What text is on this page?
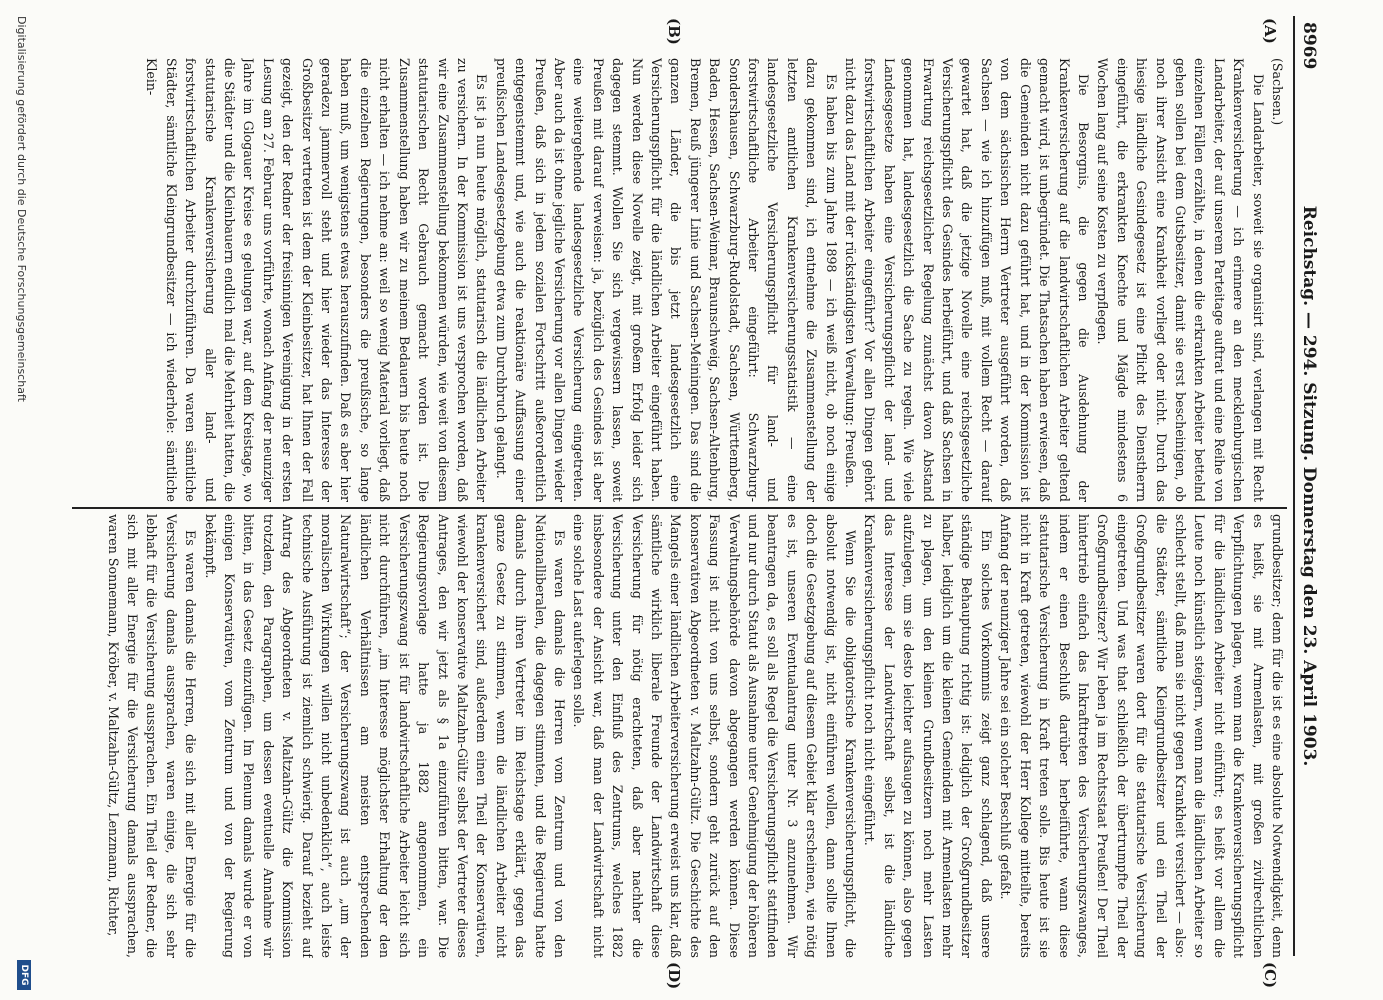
8969
Reichstag. — 294. Sitzung. Donnerstag den 23. April 1903.
(A)
(B)
(C)
(D)

(Sachsen.)

Die Landarbeiter, soweit sie organisirt sind, verlangen mit Recht Krankenversicherung — ich erinnere an den mecklenburgischen Landarbeiter, der auf unserem Parteitage auftrat und eine Reihe von einzelnen Fällen erzählte, in denen die erkrankten Arbeiter bettelnd gehen sollen bei dem Gutsbesitzer, damit sie erst bescheinigen, ob noch ihrer Ansicht eine Krankheit vorliegt oder nicht. Durch das hiesige ländliche Gesindegesetz ist eine Pflicht des Dienstherrn eingeführt, die erkrankten Knechte und Mägde mindestens 6 Wochen lang auf seine Kosten zu verpflegen.

Die Besorgnis, die gegen die Ausdehnung der Krankenversicherung auf die landwirtschaftlichen Arbeiter geltend gemacht wird, ist unbegründet. Die Thatsachen haben erwiesen, daß die Gemeinden nicht dazu geführt hat, und in der Kommission ist von dem sächsischen Herrn Vertreter ausgeführt worden, daß Sachsen — wie ich hinzufügen muß, mit vollem Recht — darauf gewartet hat, daß die jetzige Novelle eine reichsgesetzliche Versicherungspflicht des Gesindes herbeiführt, und daß Sachsen in Erwartung reichsgesetzlicher Regelung zunächst davon Abstand genommen hat, landesgesetzlich die Sache zu regeln. Wie viele Landesgesetze haben eine Versicherungspflicht der land- und forstwirtschaftlichen Arbeiter eingeführt? Vor allen Dingen gehört nicht dazu das Land mit der rückständigsten Verwaltung: Preußen.

Es haben bis zum Jahre 1898 — ich weiß nicht, ob noch einige dazu gekommen sind, ich entnehme die Zusammenstellung der letzten amtlichen Krankenversicherungsstatistik — eine landesgesetzliche Versicherungspflicht für land- und forstwirtschaftliche Arbeiter eingeführt: Schwarzburg-Sondershausen, Schwarzburg-Rudolstadt, Sachsen, Württemberg, Baden, Hessen, Sachsen-Weimar, Braunschweig, Sachsen-Altenburg, Bremen, Reuß jüngerer Linie und Sachsen-Meiningen. Das sind die ganzen Länder, die bis jetzt landesgesetzlich eine Versicherungspflicht für die ländlichen Arbeiter eingeführt haben. Nun werden diese Novelle zeigt, mit großem Erfolg leider sich dagegen stemmt. Wollen Sie sich vergewissern lassen, soweit Preußen mit darauf verweisen: ja, bezüglich des Gesindes ist aber eine weitergehende landesgesetzliche Versicherung eingetreten. Aber auch da ist ohne jegliche Versicherung vor allen Dingen wieder Preußen, daß sich in jedem sozialen Fortschritt außerordentlich entgegenstemmt und, wie auch die reaktionäre Auffassung einer preußischen Landesgesetzgebung etwa zum Durchbruch gelangt.

Es ist ja nun heute möglich, statutarisch die ländlichen Arbeiter zu versichern. In der Kommission ist uns versprochen worden, daß wir eine Zusammenstellung bekommen würden, wie weit von diesem statutarischen Recht Gebrauch gemacht worden ist. Die Zusammenstellung haben wir zu meinem Bedauern bis heute noch nicht erhalten — ich nehme an: weil so wenig Material vorliegt, daß die einzelnen Regierungen, besonders die preußische, so lange haben muß, um wenigstens etwas herauszufinden. Daß es aber hier geradezu jammervoll steht und hier wieder das Interesse der Großbesitzer vertreten ist dem der Kleinbesitzer, hat Ihnen der Fall gezeigt, den der Redner der freisinnigen Vereinigung in der ersten Lesung am 27. Februar uns vorführte, wonach Anfang der neunziger Jahre im Glogauer Kreise es gelungen war, auf dem Kreistage, wo die Städter und die Kleinbauern endlich mal die Mehrheit hatten, die statutarische Krankenversicherung aller land- und forstwirtschaftlichen Arbeiter durchzuführen. Da waren sämtliche Städter, sämtliche Kleingrundbesitzer — ich wiederhole: sämtliche Klein-

grundbesitzer; denn für die ist es eine absolute Notwendigkeit, denn es heißt, sie mit Armenlasten, mit großen zivilrechtlichen Verpflichtungen plagen, wenn man die Krankenversicherungspflicht für die ländlichen Arbeiter nicht einführt; es heißt vor allem die Leute noch künstlich steigern, wenn man die ländlichen Arbeiter so schlecht stellt, daß man sie nicht gegen Krankheit versichert — also: die Städter, sämtliche Kleingrundbesitzer und ein Theil der Großgrundbesitzer waren dort für die statutarische Versicherung eingetreten. Und was that schließlich der übertrumpfte Theil der Großgrundbesitzer? Wir leben ja im Rechtsstaat Preußen! Der Theil hintertrieb einfach das Inkrafttreten des Versicherungszwanges, indem er einen Beschluß darüber herbeiführte, wann diese statutarische Versicherung in Kraft treten solle. Bis heute ist sie nicht in Kraft getreten, wiewohl der Herr Kollege mitteilte, bereits Anfang der neunziger Jahre sei ein solcher Beschluß gefaßt.

Ein solches Vorkommnis zeigt ganz schlagend, daß unsere ständige Behauptung richtig ist: lediglich der Großgrundbesitzer halber, lediglich um die kleinen Gemeinden mit Armenlasten mehr zu plagen, um den kleinen Grundbesitzern noch mehr Lasten aufzulegen, um sie desto leichter aufsaugen zu können, also gegen das Interesse der Landwirtschaft selbst, ist die ländliche Krankenversicherungspflicht noch nicht eingeführt.

Wenn Sie die obligatorische Krankenversicherungspflicht, die absolut notwendig ist, nicht einführen wollen, dann sollte Ihnen doch die Gesetzgebung auf diesem Gebiet klar erscheinen, wie nötig es ist, unseren Eventualantrag unter Nr. 3 anzunehmen. Wir beantragen da, es soll als Regel die Versicherungspflicht stattfinden und nur durch Statut als Ausnahme unter Genehmigung der höheren Verwaltungsbehörde davon abgegangen werden können. Diese Fassung ist nicht von uns selbst, sondern geht zurück auf den konservativen Abgeordneten v. Maltzahn-Gültz. Die Geschichte des Mangels einer ländlichen Arbeiterversicherung erweist uns klar, daß sämtliche wirklich liberale Freunde der Landwirtschaft diese Versicherung für nötig erachteten, daß aber nachher die Versicherung unter den Einfluß des Zentrums, welches 1882 insbesondere der Ansicht war, daß man der Landwirtschaft nicht eine solche Last auferlegen solle.

Es waren damals die Herren vom Zentrum und von den Nationalliberalen, die dagegen stimmten, und die Regierung hatte damals durch ihren Vertreter im Reichstage erklärt, gegen das ganze Gesetz zu stimmen, wenn die ländlichen Arbeiter nicht krankenversichert sind, außerdem einen Theil der Konservativen, wiewohl der konservative Maltzahn-Gültz selbst der Vertreter dieses Antrages, den wir jetzt als § 1a einzuführen bitten, war. Die Regierungsvorlage hatte ja 1882 angenommen, ein Versicherungszwang ist für landwirtschaftliche Arbeiter leicht sich nicht durchführen, „im Interesse möglichster Erhaltung der den ländlichen Verhältnissen am meisten entsprechenden Naturalwirtschaft“; der Versicherungszwang ist auch „um der moralischen Wirkungen willen nicht unbedenklich“, auch leiste technische Ausführung ist ziemlich schwierig. Darauf bezieht auf Antrag des Abgeordneten v. Maltzahn-Gültz die Kommission trotzdem, den Paragraphen, um dessen eventuelle Annahme wir bitten, in das Gesetz einzufügen. Im Plenum damals wurde er von einigen Konservativen, vom Zentrum und von der Regierung bekämpft.

Es waren damals die Herren, die sich mit aller Energie für die Versicherung damals aussprachen, waren einige, die sich sehr lebhaft für die Versicherung aussprachen. Ein Theil der Redner, die sich mit aller Energie für die Versicherung damals aussprachen, waren Sonnemann, Kröber, v. Maltzahn-Gültz, Lenzmann, Richter,

Digitalisierung gefördert durch die Deutsche Forschungsgemeinschaft
DFG
